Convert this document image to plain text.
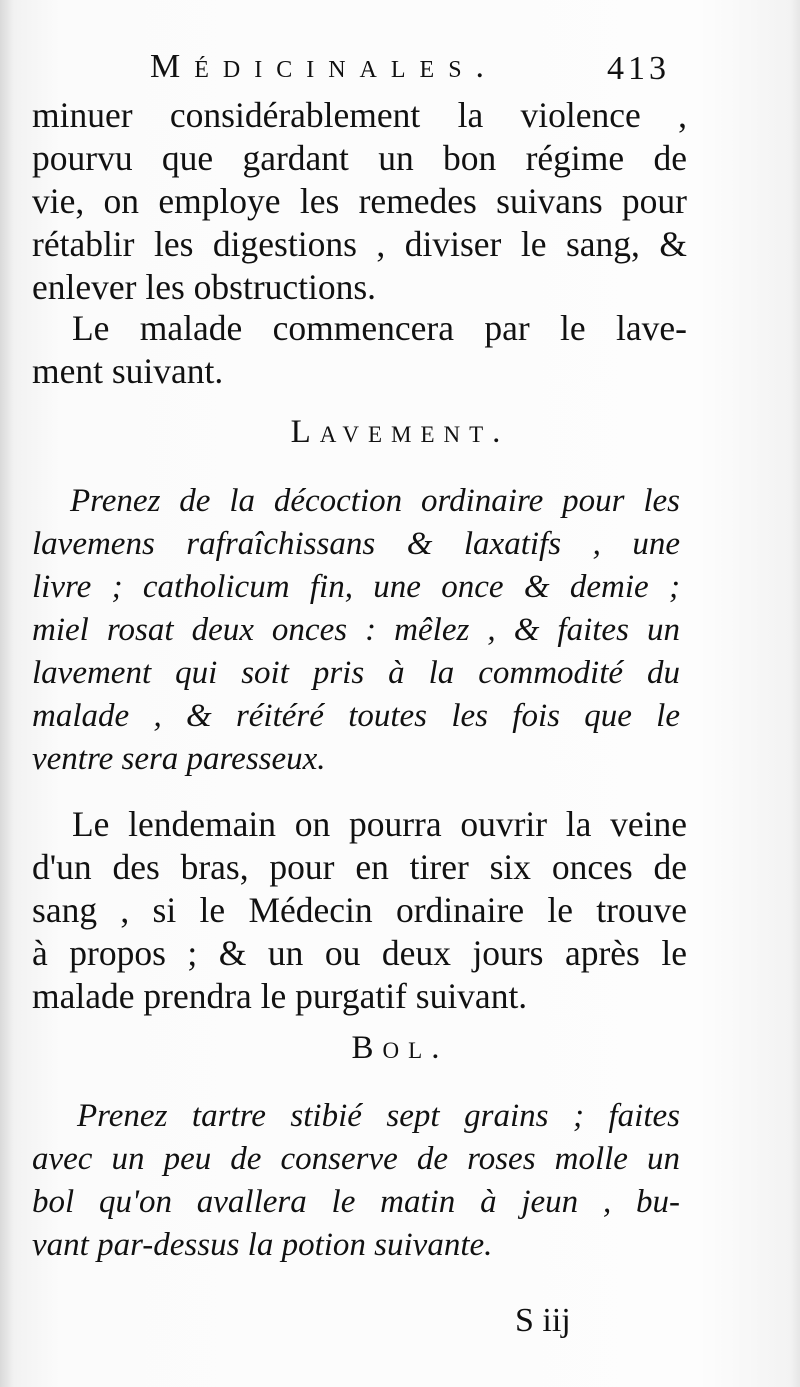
Médicinales.	413
minuer considérablement la violence ,
pourvu que gardant un bon régime de
vie, on employe les remedes suivans pour
rétablir les digestions , diviser le sang, &
enlever les obstructions.
Le malade commencera par le lave-
ment suivant.
Lavement.
Prenez de la décoction ordinaire pour les
lavemens rafraîchissans & laxatifs , une
livre ; catholicum fin, une once & demie ;
miel rosat deux onces : mêlez , & faites un
lavement qui soit pris à la commodité du
malade , & réitéré toutes les fois que le
ventre sera paresseux.
Le lendemain on pourra ouvrir la veine
d'un des bras, pour en tirer six onces de
sang , si le Médecin ordinaire le trouve
à propos ; & un ou deux jours après le
malade prendra le purgatif suivant.
Bol.
Prenez tartre stibié sept grains ; faites
avec un peu de conserve de roses molle un
bol qu'on avallera le matin à jeun , bu-
vant par-dessus la potion suivante.
S iij
